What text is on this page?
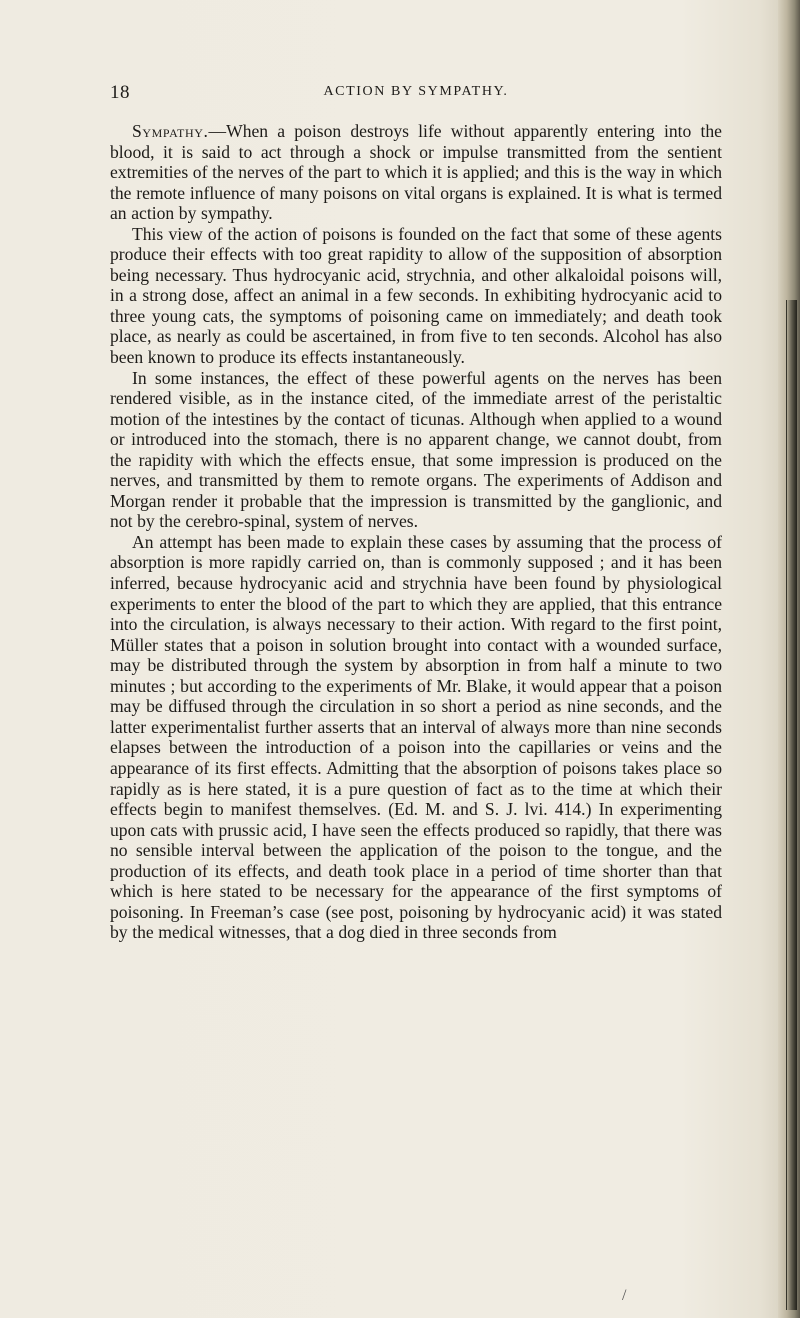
18	ACTION BY SYMPATHY.

Sympathy.—When a poison destroys life without apparently entering into the blood, it is said to act through a shock or impulse transmitted from the sentient extremities of the nerves of the part to which it is applied; and this is the way in which the remote influence of many poisons on vital organs is explained. It is what is termed an action by sympathy.

This view of the action of poisons is founded on the fact that some of these agents produce their effects with too great rapidity to allow of the supposition of absorption being necessary. Thus hydrocyanic acid, strychnia, and other alkaloidal poisons will, in a strong dose, affect an animal in a few seconds. In exhibiting hydrocyanic acid to three young cats, the symptoms of poisoning came on immediately; and death took place, as nearly as could be ascertained, in from five to ten seconds. Alcohol has also been known to produce its effects instantaneously.

In some instances, the effect of these powerful agents on the nerves has been rendered visible, as in the instance cited, of the immediate arrest of the peristaltic motion of the intestines by the contact of ticunas. Although when applied to a wound or introduced into the stomach, there is no apparent change, we cannot doubt, from the rapidity with which the effects ensue, that some impression is produced on the nerves, and transmitted by them to remote organs. The experiments of Addison and Morgan render it probable that the impression is transmitted by the ganglionic, and not by the cerebro-spinal, system of nerves.

An attempt has been made to explain these cases by assuming that the process of absorption is more rapidly carried on, than is commonly supposed ; and it has been inferred, because hydrocyanic acid and strychnia have been found by physiological experiments to enter the blood of the part to which they are applied, that this entrance into the circulation, is always necessary to their action. With regard to the first point, Müller states that a poison in solution brought into contact with a wounded surface, may be distributed through the system by absorption in from half a minute to two minutes ; but according to the experiments of Mr. Blake, it would appear that a poison may be diffused through the circulation in so short a period as nine seconds, and the latter experimentalist further asserts that an interval of always more than nine seconds elapses between the introduction of a poison into the capillaries or veins and the appearance of its first effects. Admitting that the absorption of poisons takes place so rapidly as is here stated, it is a pure question of fact as to the time at which their effects begin to manifest themselves. (Ed. M. and S. J. lvi. 414.) In experimenting upon cats with prussic acid, I have seen the effects produced so rapidly, that there was no sensible interval between the application of the poison to the tongue, and the production of its effects, and death took place in a period of time shorter than that which is here stated to be necessary for the appearance of the first symptoms of poisoning. In Freeman’s case (see post, poisoning by hydrocyanic acid) it was stated by the medical witnesses, that a dog died in three seconds from

/
